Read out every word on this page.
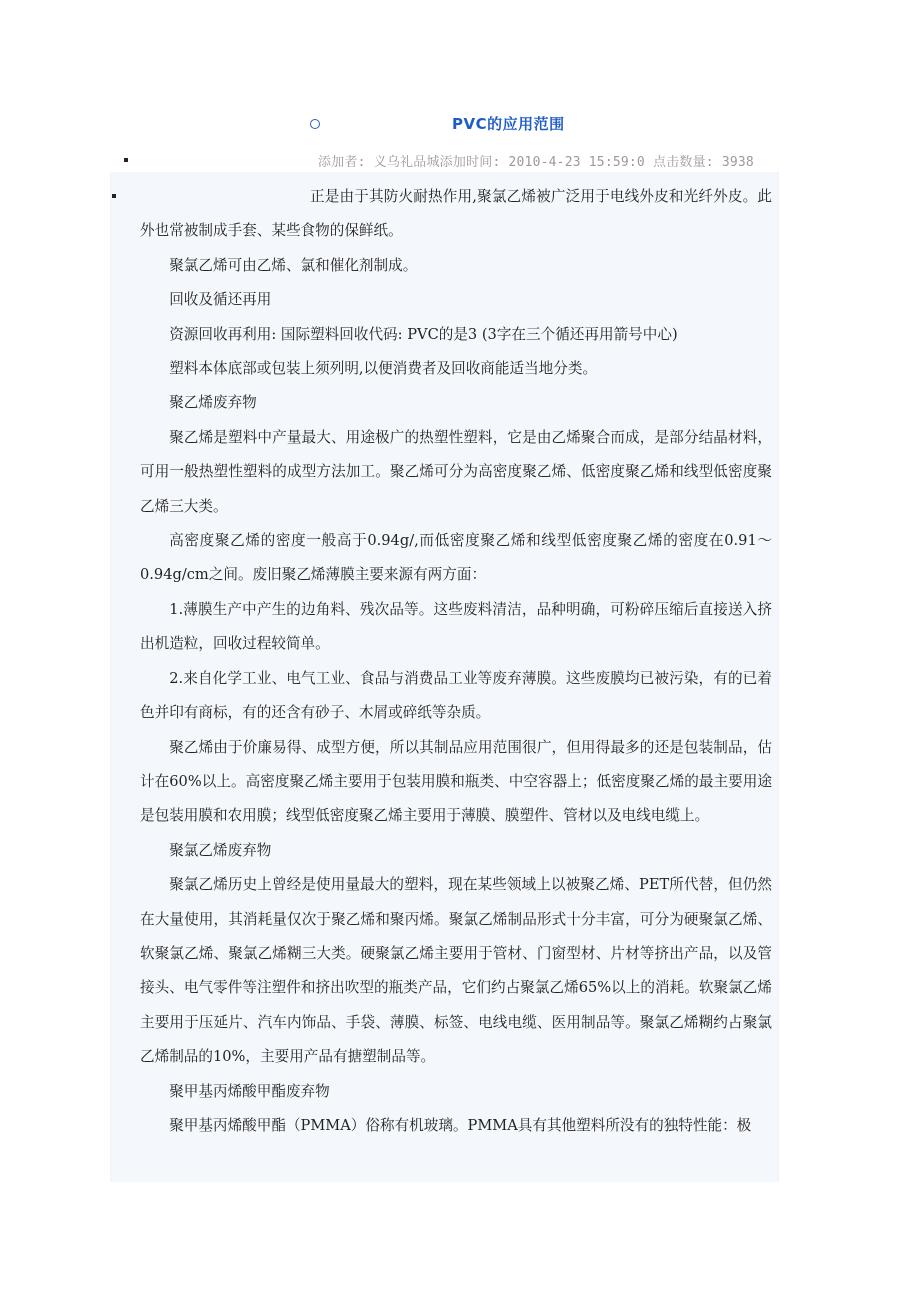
PVC的应用范围
添加者: 义乌礼品城添加时间: 2010-4-23 15:59:0 点击数量: 3938

正是由于其防火耐热作用,聚氯乙烯被广泛用于电线外皮和光纤外皮。此外也常被制成手套、某些食物的保鲜纸。

聚氯乙烯可由乙烯、氯和催化剂制成。

回收及循还再用

资源回收再利用: 国际塑料回收代码: PVC的是3 (3字在三个循还再用箭号中心)

塑料本体底部或包装上须列明,以便消费者及回收商能适当地分类。

聚乙烯废弃物

聚乙烯是塑料中产量最大、用途极广的热塑性塑料，它是由乙烯聚合而成，是部分结晶材料，可用一般热塑性塑料的成型方法加工。聚乙烯可分为高密度聚乙烯、低密度聚乙烯和线型低密度聚乙烯三大类。

高密度聚乙烯的密度一般高于0.94g/,而低密度聚乙烯和线型低密度聚乙烯的密度在0.91～0.94g/cm之间。废旧聚乙烯薄膜主要来源有两方面：

1.薄膜生产中产生的边角料、残次品等。这些废料清洁，品种明确，可粉碎压缩后直接送入挤出机造粒，回收过程较简单。

2.来自化学工业、电气工业、食品与消费品工业等废弃薄膜。这些废膜均已被污染，有的已着色并印有商标，有的还含有砂子、木屑或碎纸等杂质。

聚乙烯由于价廉易得、成型方便，所以其制品应用范围很广，但用得最多的还是包装制品，估计在60%以上。高密度聚乙烯主要用于包装用膜和瓶类、中空容器上；低密度聚乙烯的最主要用途是包装用膜和农用膜；线型低密度聚乙烯主要用于薄膜、膜塑件、管材以及电线电缆上。

聚氯乙烯废弃物

聚氯乙烯历史上曾经是使用量最大的塑料，现在某些领域上以被聚乙烯、PET所代替，但仍然在大量使用，其消耗量仅次于聚乙烯和聚丙烯。聚氯乙烯制品形式十分丰富，可分为硬聚氯乙烯、软聚氯乙烯、聚氯乙烯糊三大类。硬聚氯乙烯主要用于管材、门窗型材、片材等挤出产品，以及管接头、电气零件等注塑件和挤出吹型的瓶类产品，它们约占聚氯乙烯65%以上的消耗。软聚氯乙烯主要用于压延片、汽车内饰品、手袋、薄膜、标签、电线电缆、医用制品等。聚氯乙烯糊约占聚氯乙烯制品的10%，主要用产品有搪塑制品等。

聚甲基丙烯酸甲酯废弃物

聚甲基丙烯酸甲酯（PMMA）俗称有机玻璃。PMMA具有其他塑料所没有的独特性能：极
